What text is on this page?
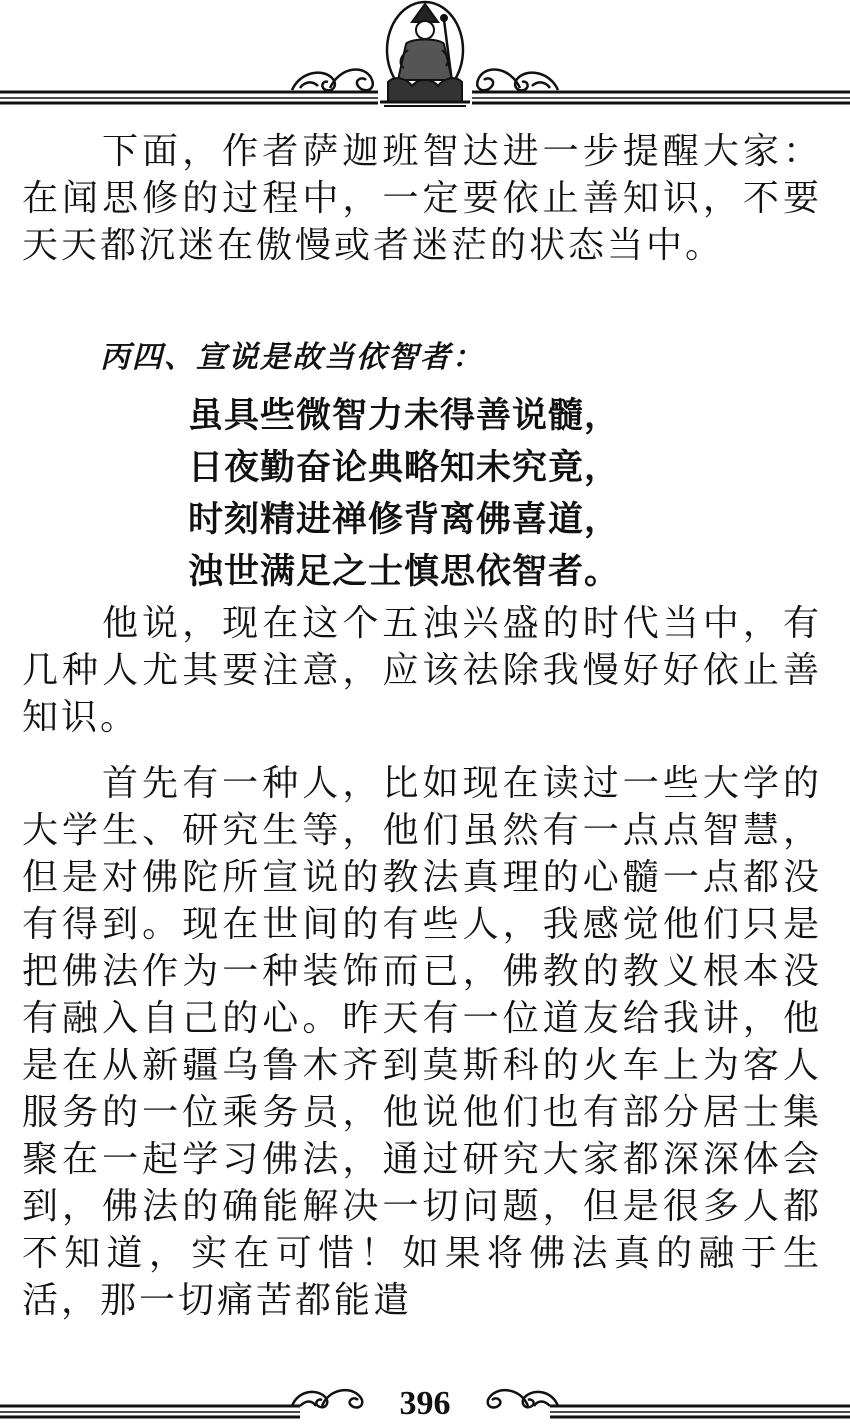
下面，作者萨迦班智达进一步提醒大家：在闻思修的过程中，一定要依止善知识，不要天天都沉迷在傲慢或者迷茫的状态当中。

丙四、宣说是故当依智者：
虽具些微智力未得善说髓，
日夜勤奋论典略知未究竟，
时刻精进禅修背离佛喜道，
浊世满足之士慎思依智者。

他说，现在这个五浊兴盛的时代当中，有几种人尤其要注意，应该祛除我慢好好依止善知识。

首先有一种人，比如现在读过一些大学的大学生、研究生等，他们虽然有一点点智慧，但是对佛陀所宣说的教法真理的心髓一点都没有得到。现在世间的有些人，我感觉他们只是把佛法作为一种装饰而已，佛教的教义根本没有融入自己的心。昨天有一位道友给我讲，他是在从新疆乌鲁木齐到莫斯科的火车上为客人服务的一位乘务员，他说他们也有部分居士集聚在一起学习佛法，通过研究大家都深深体会到，佛法的确能解决一切问题，但是很多人都不知道，实在可惜！如果将佛法真的融于生活，那一切痛苦都能遣

396
